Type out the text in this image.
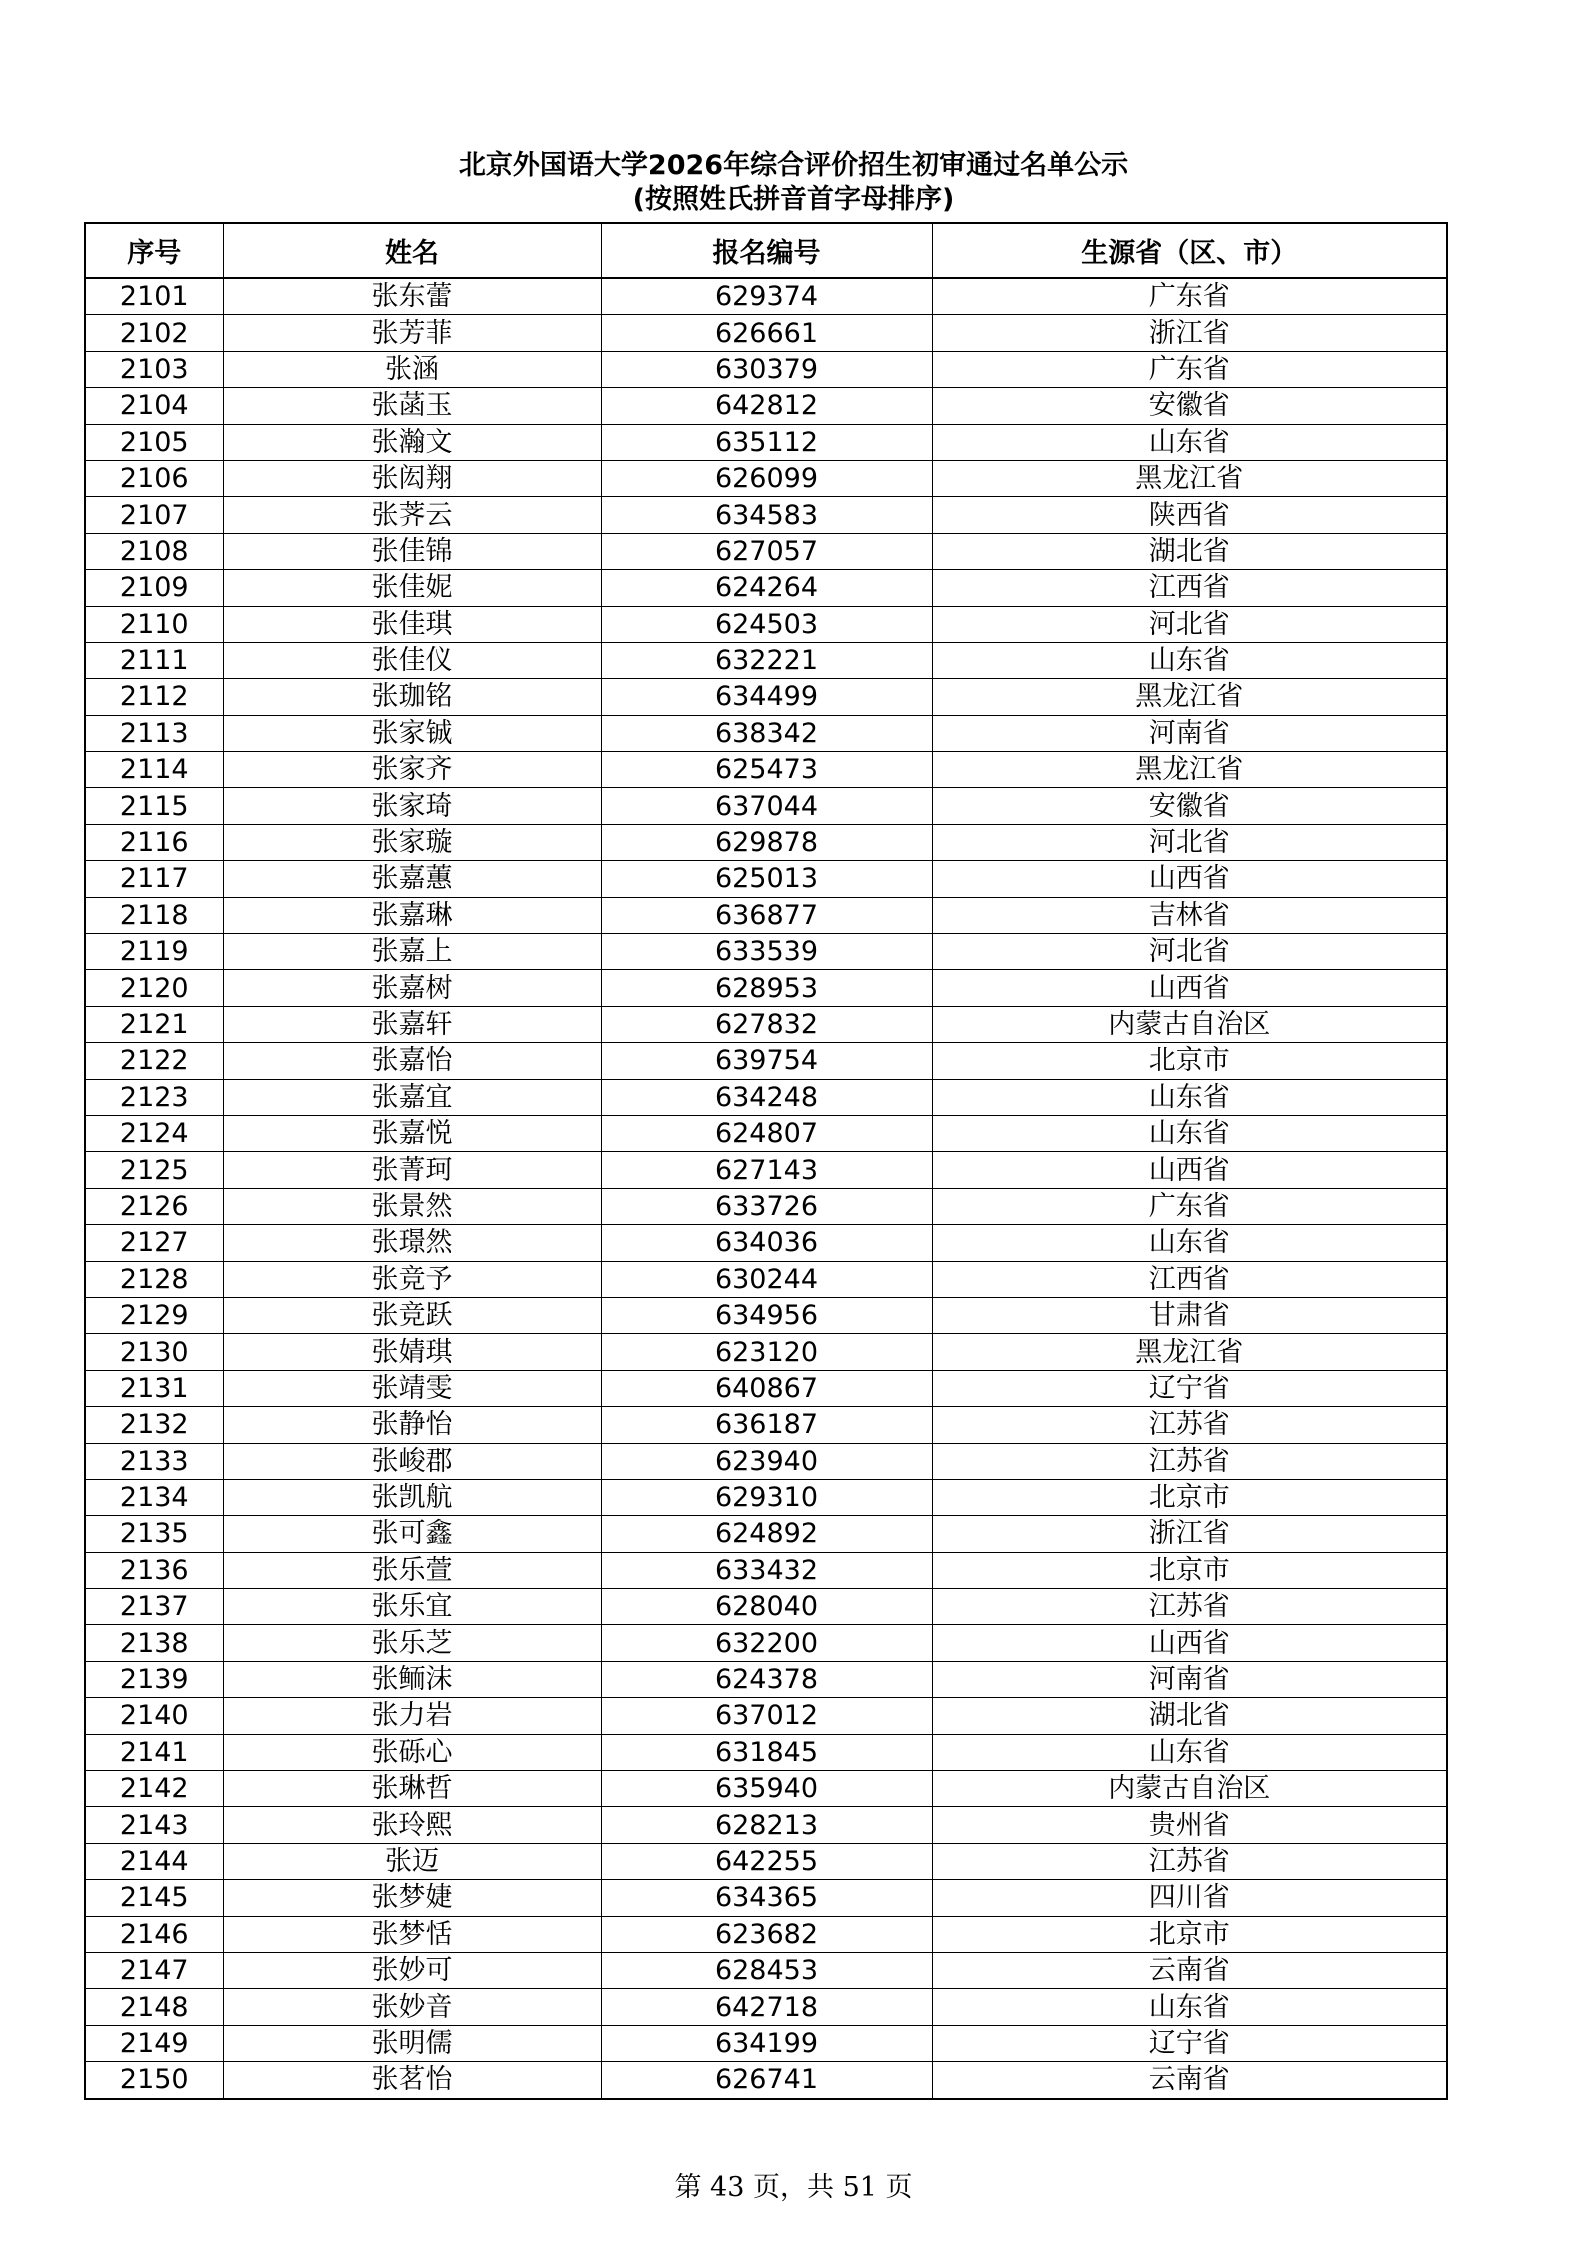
北京外国语大学2026年综合评价招生初审通过名单公示
(按照姓氏拼音首字母排序)
序号	姓名	报名编号	生源省（区、市）
2101	张东蕾	629374	广东省
2102	张芳菲	626661	浙江省
2103	张涵	630379	广东省
2104	张菡玉	642812	安徽省
2105	张瀚文	635112	山东省
2106	张闳翔	626099	黑龙江省
2107	张荠云	634583	陕西省
2108	张佳锦	627057	湖北省
2109	张佳妮	624264	江西省
2110	张佳琪	624503	河北省
2111	张佳仪	632221	山东省
2112	张珈铭	634499	黑龙江省
2113	张家铖	638342	河南省
2114	张家齐	625473	黑龙江省
2115	张家琦	637044	安徽省
2116	张家璇	629878	河北省
2117	张嘉蕙	625013	山西省
2118	张嘉琳	636877	吉林省
2119	张嘉上	633539	河北省
2120	张嘉树	628953	山西省
2121	张嘉轩	627832	内蒙古自治区
2122	张嘉怡	639754	北京市
2123	张嘉宜	634248	山东省
2124	张嘉悦	624807	山东省
2125	张菁珂	627143	山西省
2126	张景然	633726	广东省
2127	张璟然	634036	山东省
2128	张竞予	630244	江西省
2129	张竞跃	634956	甘肃省
2130	张婧琪	623120	黑龙江省
2131	张靖雯	640867	辽宁省
2132	张静怡	636187	江苏省
2133	张峻郡	623940	江苏省
2134	张凯航	629310	北京市
2135	张可鑫	624892	浙江省
2136	张乐萱	633432	北京市
2137	张乐宜	628040	江苏省
2138	张乐芝	632200	山西省
2139	张鲕沫	624378	河南省
2140	张力岩	637012	湖北省
2141	张砾心	631845	山东省
2142	张琳哲	635940	内蒙古自治区
2143	张玲熙	628213	贵州省
2144	张迈	642255	江苏省
2145	张梦婕	634365	四川省
2146	张梦恬	623682	北京市
2147	张妙可	628453	云南省
2148	张妙音	642718	山东省
2149	张明儒	634199	辽宁省
2150	张茗怡	626741	云南省
第 43 页，共 51 页
